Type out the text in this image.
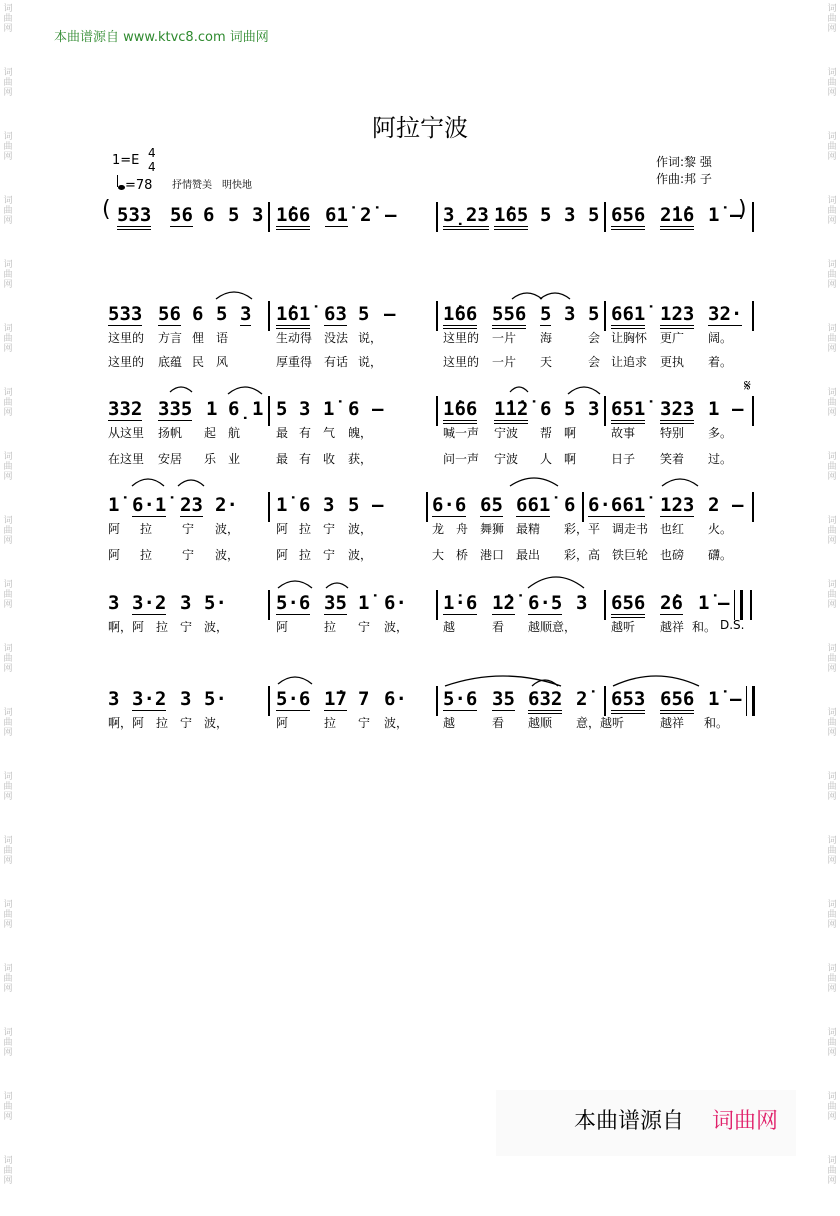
词
曲
网
词
曲
网
词
曲
网
词
曲
网
词
曲
网
词
曲
网
词
曲
网
词
曲
网
词
曲
网
词
曲
网
词
曲
网
词
曲
网
词
曲
网
词
曲
网
词
曲
网
词
曲
网
词
曲
网
词
曲
网
词
曲
网
词
曲
网
词
曲
网
词
曲
网
词
曲
网
词
曲
网
词
曲
网
词
曲
网
词
曲
网
词
曲
网
词
曲
网
词
曲
网
词
曲
网
词
曲
网
词
曲
网
词
曲
网
词
曲
网
词
曲
网
词
曲
网
词
曲
网
本曲谱源自 www.ktvc8.com 词曲网
阿拉宁波
1=E 4
4
=78 抒情赞美　明快地
作词:黎 强
作曲:邦 子
( 533 56 6 5 3 1̇66 61̇ 2̇ – 3̣23 1̇65 5 3 5 656 2̇1̇6 1̇ –
)
533 56 6 5 3 1̇61̇ 63 5 –	1̇66 556 5 3 5 661̇ 123 32·
这里的 方言 俚 语	生动得 没法 说，	这里的 一片 海	会 让胸怀 更广 阔。
这里的 底蕴 民 风	厚重得 有话 说，	这里的 一片 天	会 让追求 更执 着。
𝄋
332 335 1 6̣ 1 5 3 1̇ 6 –	1̇66 1̇1̇2̇ 6 5 3 651̇ 323 1 –
从这里 扬帆 起 航	最 有 气 魄，	喊一声 宁波 帮 啊	故事 特别 多。
在这里 安居 乐 业	最 有 收 获，	问一声 宁波 人 啊	日子 笑着 过。
1̇ 6·1̇ 23 2· 1̇ 6 3 5 –	6·6 65 661̇ 6 6·661̇ 123 2 –
阿 拉 宁 波，	阿 拉 宁 波，	龙 舟 舞狮 最精 彩，平 调走书 也红 火。
阿 拉 宁 波，	阿 拉 宁 波，	大 桥 港口 最出 彩，高 铁巨轮 也磅 礴。
3 3·2 3 5·	5·6 35 1̇ 6· 1̇·6 1̇2̇ 6·5 3 656 2̇6 1̇ –
D.S.
啊，阿 拉 宁 波，	阿	拉 宁 波，	越	看 越顺 意，	越听 越祥 和。
3 3·2 3 5·	5·6 1̇7 7 6· 5·6 35 632 2̇ 653 656 1̇ –
啊，阿 拉 宁 波，	阿	拉 宁 波，	越	看 越顺 意， 越听	越祥 和。
本曲谱源自 词曲网
